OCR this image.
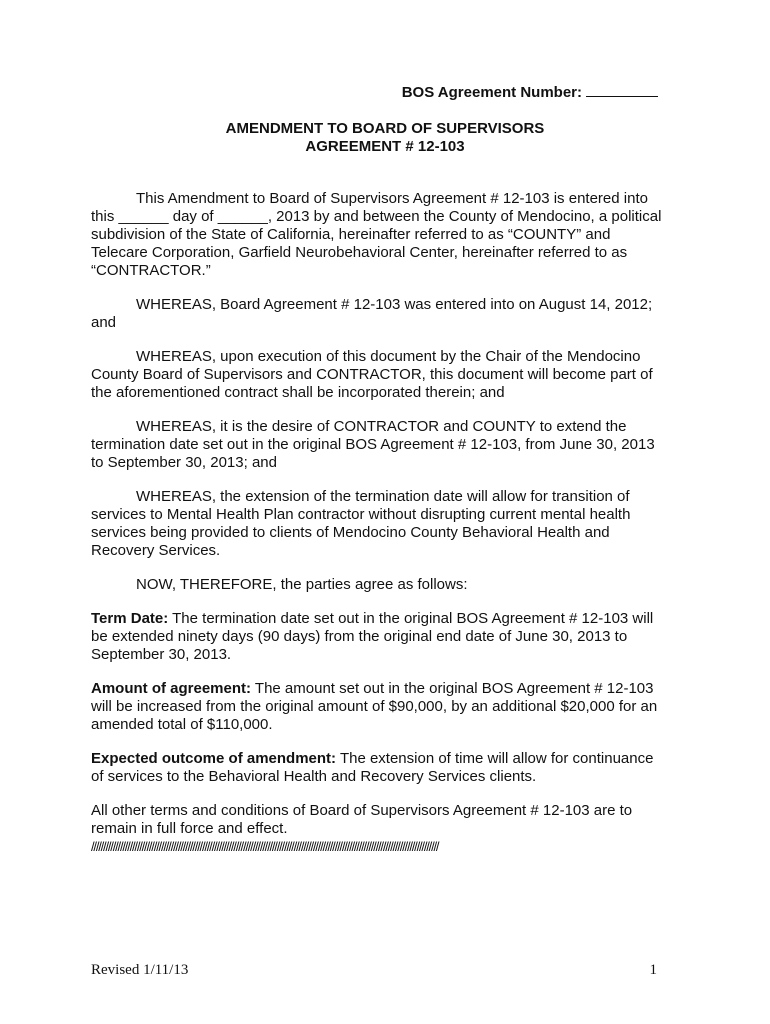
BOS Agreement Number:
AMENDMENT TO BOARD OF SUPERVISORS
AGREEMENT # 12-103

This Amendment to Board of Supervisors Agreement # 12-103 is entered into this ______ day of ______, 2013 by and between the County of Mendocino, a political subdivision of the State of California, hereinafter referred to as “COUNTY” and Telecare Corporation, Garfield Neurobehavioral Center, hereinafter referred to as “CONTRACTOR.”

WHEREAS, Board Agreement # 12-103 was entered into on August 14, 2012; and

WHEREAS, upon execution of this document by the Chair of the Mendocino County Board of Supervisors and CONTRACTOR, this document will become part of the aforementioned contract shall be incorporated therein; and

WHEREAS, it is the desire of CONTRACTOR and COUNTY to extend the termination date set out in the original BOS Agreement # 12-103, from June 30, 2013 to September 30, 2013; and

WHEREAS, the extension of the termination date will allow for transition of services to Mental Health Plan contractor without disrupting current mental health services being provided to clients of Mendocino County Behavioral Health and Recovery Services.

NOW, THEREFORE, the parties agree as follows:

Term Date: The termination date set out in the original BOS Agreement # 12-103 will be extended ninety days (90 days) from the original end date of June 30, 2013 to September 30, 2013.

Amount of agreement: The amount set out in the original BOS Agreement # 12-103 will be increased from the original amount of $90,000, by an additional $20,000 for an amended total of $110,000.

Expected outcome of amendment: The extension of time will allow for continuance of services to the Behavioral Health and Recovery Services clients.

All other terms and conditions of Board of Supervisors Agreement # 12-103 are to remain in full force and effect.

////////////////////////////////////////////////////////////////////////////////////////////////////////////////////////////////////////////////
Revised 1/11/13	1
